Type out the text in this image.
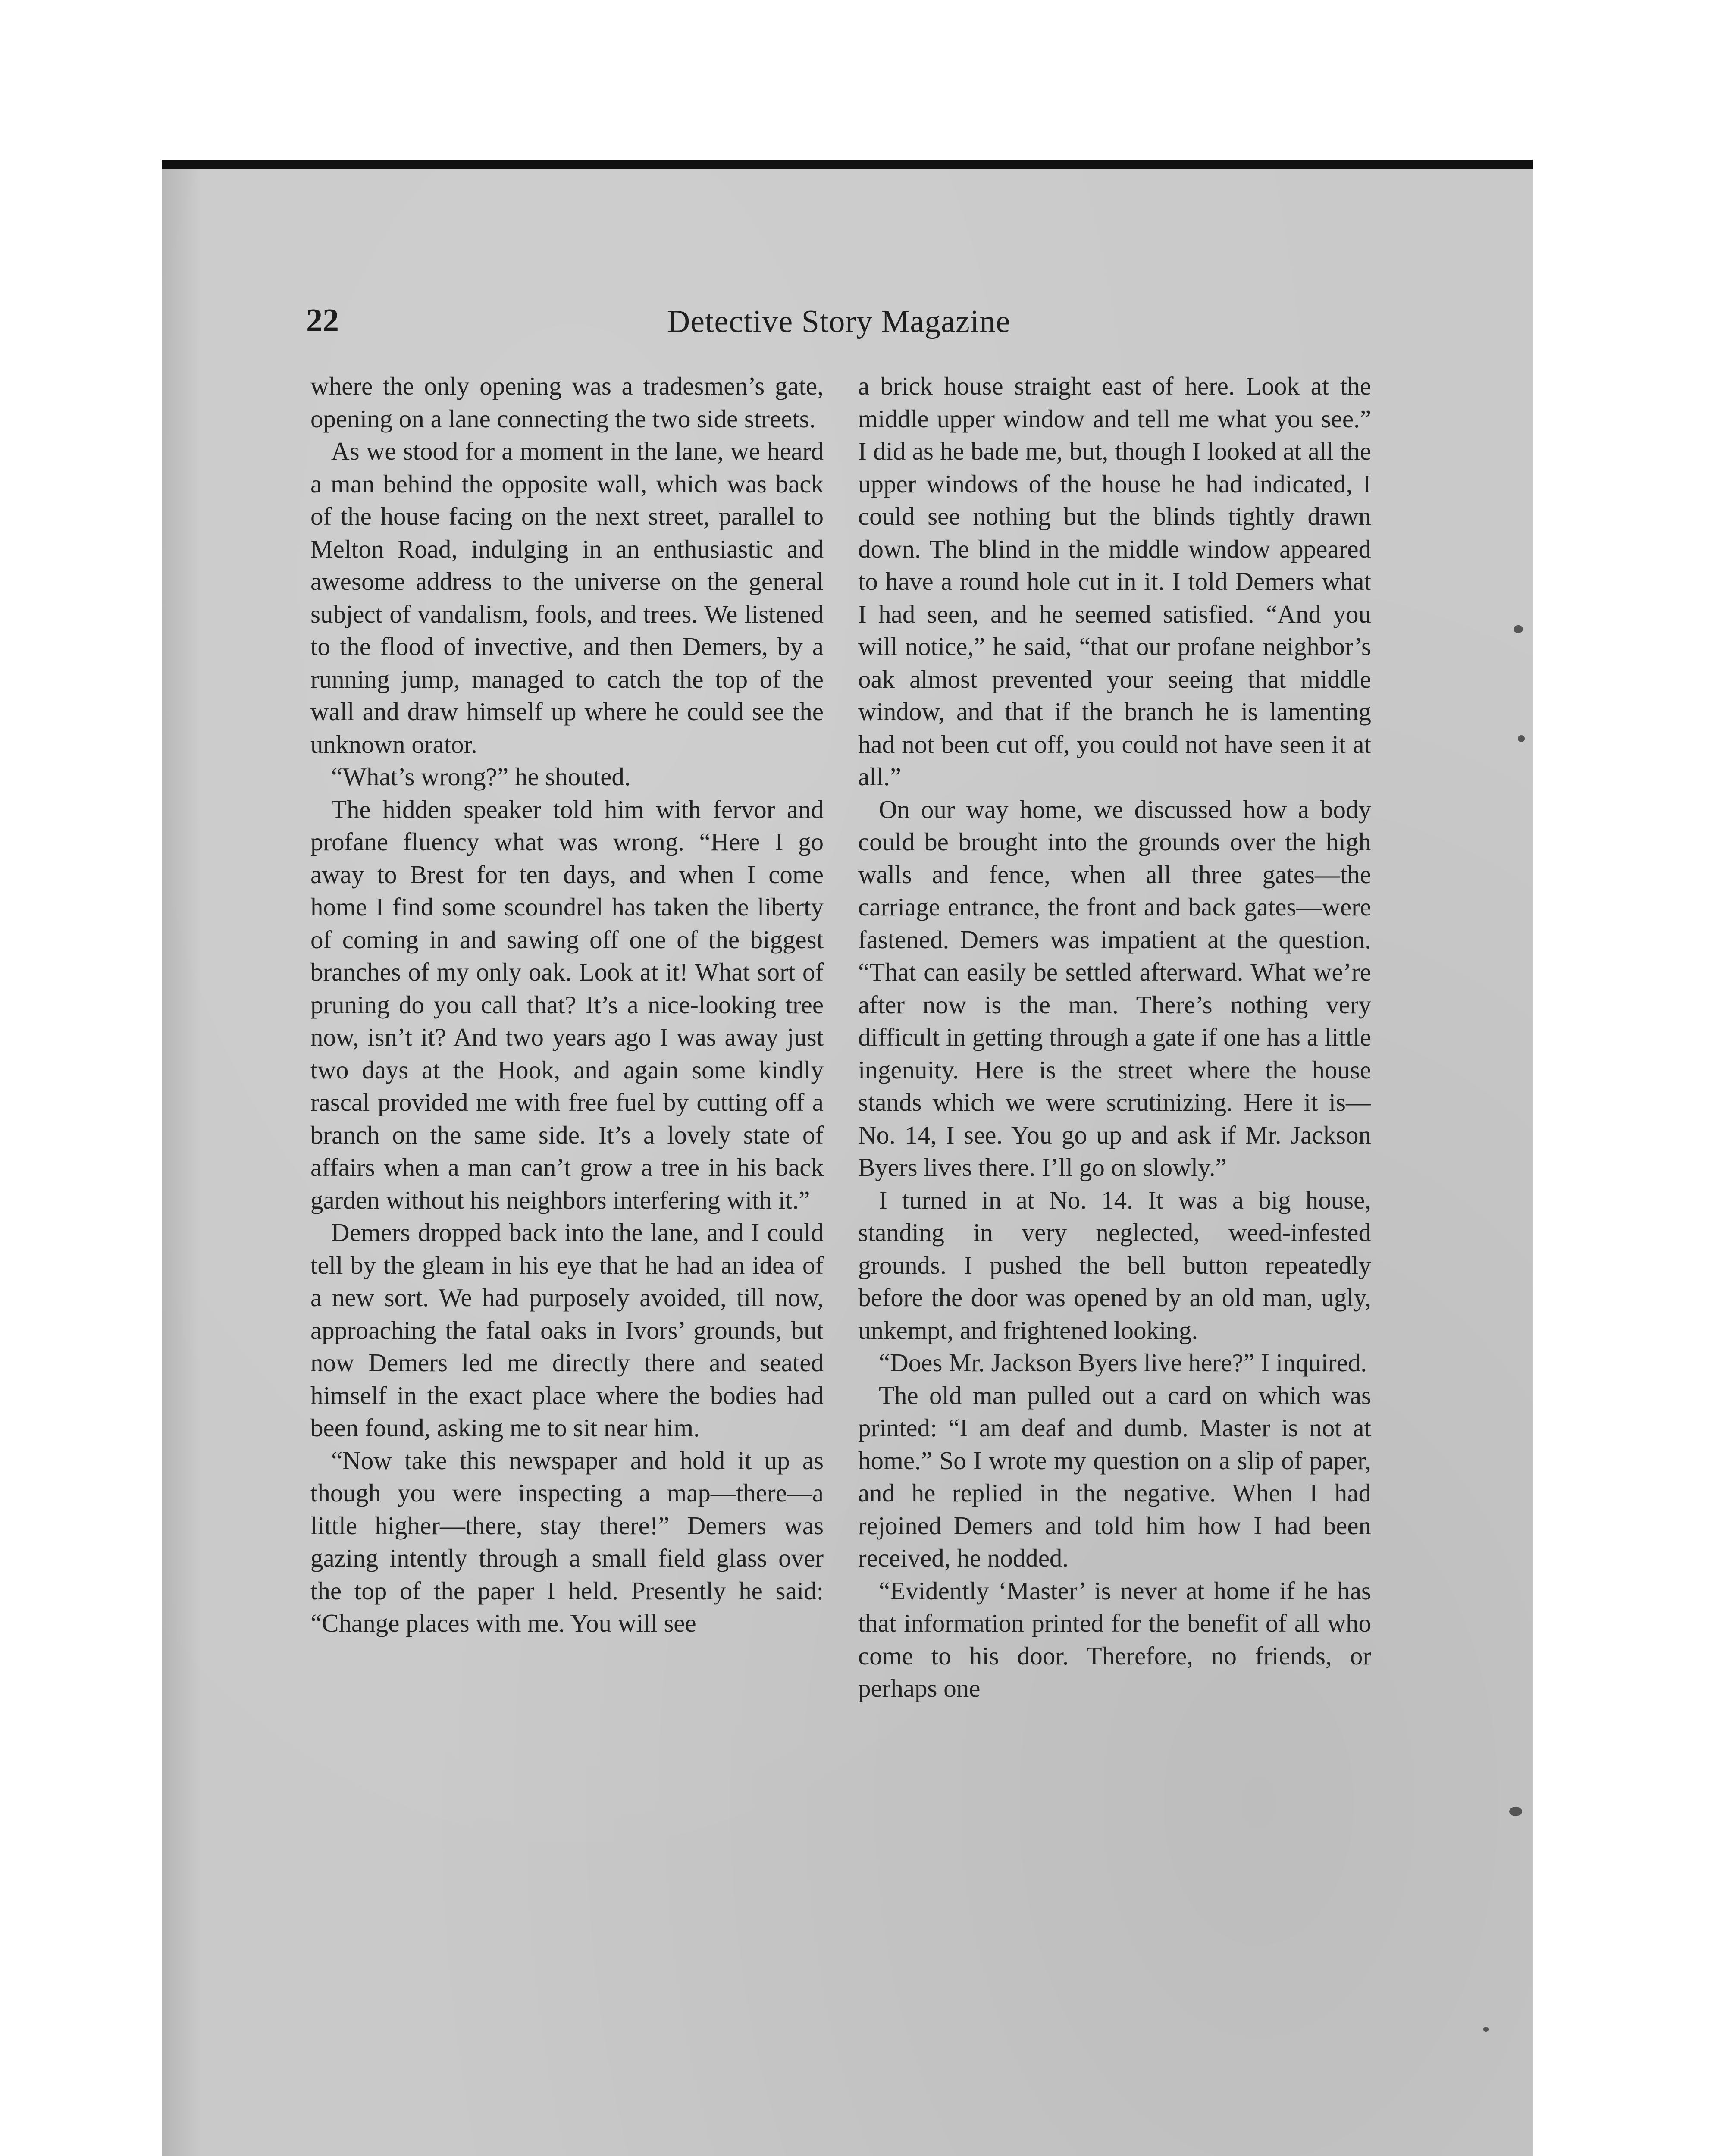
22	Detective Story Magazine

where the only opening was a tradesmen’s gate, opening on a lane connecting the two side streets.

As we stood for a moment in the lane, we heard a man behind the opposite wall, which was back of the house facing on the next street, parallel to Melton Road, indulging in an enthusiastic and awesome address to the universe on the general subject of vandalism, fools, and trees. We listened to the flood of invective, and then Demers, by a running jump, managed to catch the top of the wall and draw himself up where he could see the unknown orator.

“What’s wrong?” he shouted.

The hidden speaker told him with fervor and profane fluency what was wrong. “Here I go away to Brest for ten days, and when I come home I find some scoundrel has taken the liberty of coming in and sawing off one of the biggest branches of my only oak. Look at it! What sort of pruning do you call that? It’s a nice-looking tree now, isn’t it? And two years ago I was away just two days at the Hook, and again some kindly rascal provided me with free fuel by cutting off a branch on the same side. It’s a lovely state of affairs when a man can’t grow a tree in his back garden without his neighbors interfering with it.”

Demers dropped back into the lane, and I could tell by the gleam in his eye that he had an idea of a new sort. We had purposely avoided, till now, approaching the fatal oaks in Ivors’ grounds, but now Demers led me directly there and seated himself in the exact place where the bodies had been found, asking me to sit near him.

“Now take this newspaper and hold it up as though you were inspecting a map—there—a little higher—there, stay there!” Demers was gazing intently through a small field glass over the top of the paper I held. Presently he said: “Change places with me. You will see

a brick house straight east of here. Look at the middle upper window and tell me what you see.” I did as he bade me, but, though I looked at all the upper windows of the house he had indicated, I could see nothing but the blinds tightly drawn down. The blind in the middle window appeared to have a round hole cut in it. I told Demers what I had seen, and he seemed satisfied. “And you will notice,” he said, “that our profane neighbor’s oak almost prevented your seeing that middle window, and that if the branch he is lamenting had not been cut off, you could not have seen it at all.”

On our way home, we discussed how a body could be brought into the grounds over the high walls and fence, when all three gates—the carriage entrance, the front and back gates—were fastened. Demers was impatient at the question. “That can easily be settled afterward. What we’re after now is the man. There’s nothing very difficult in getting through a gate if one has a little ingenuity. Here is the street where the house stands which we were scrutinizing. Here it is—No. 14, I see. You go up and ask if Mr. Jackson Byers lives there. I’ll go on slowly.”

I turned in at No. 14. It was a big house, standing in very neglected, weed-infested grounds. I pushed the bell button repeatedly before the door was opened by an old man, ugly, unkempt, and frightened looking.

“Does Mr. Jackson Byers live here?” I inquired.

The old man pulled out a card on which was printed: “I am deaf and dumb. Master is not at home.” So I wrote my question on a slip of paper, and he replied in the negative. When I had rejoined Demers and told him how I had been received, he nodded.

“Evidently ‘Master’ is never at home if he has that information printed for the benefit of all who come to his door. Therefore, no friends, or perhaps one
